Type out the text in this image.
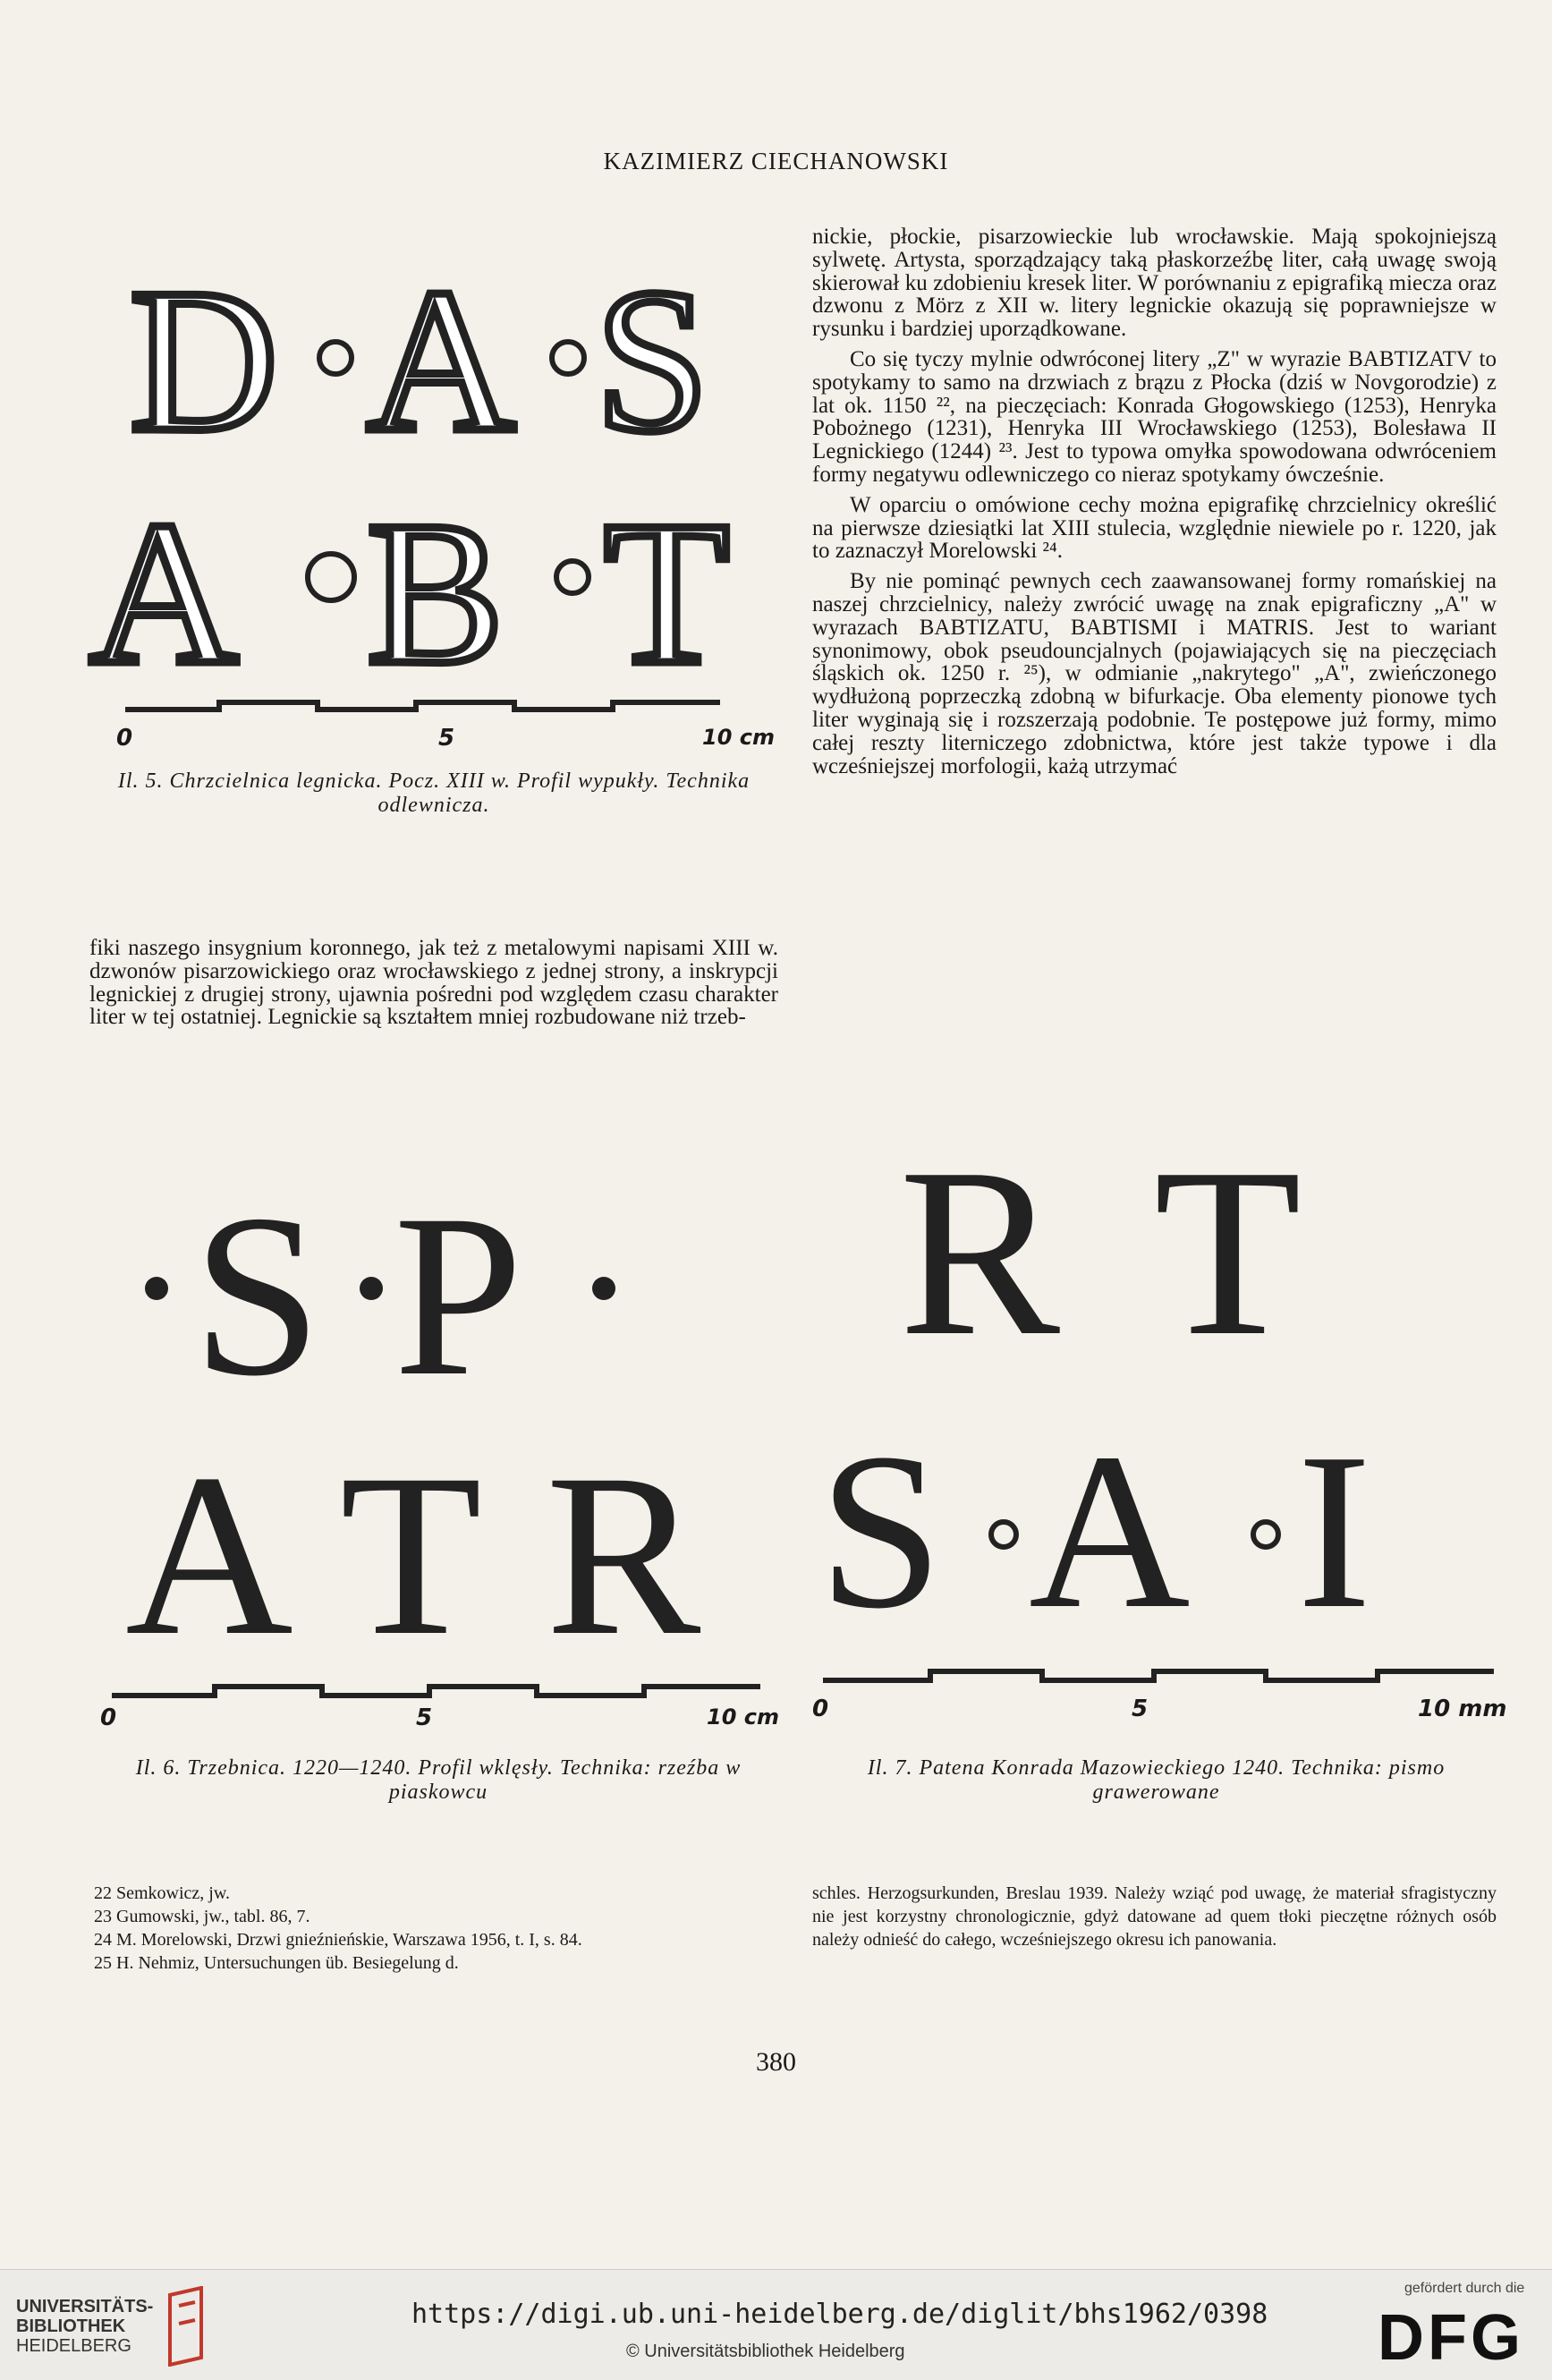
KAZIMIERZ CIECHANOWSKI
D A S
A B T
0	5	10 cm
Il. 5. Chrzcielnica legnicka. Pocz. XIII w. Profil wypukły. Technika odlewnicza.

fiki naszego insygnium koronnego, jak też z metalowymi napisami XIII w. dzwonów pisarzowickiego oraz wrocławskiego z jednej strony, a inskrypcji legnickiej z drugiej strony, ujawnia pośredni pod względem czasu charakter liter w tej ostatniej. Legnickie są kształtem mniej rozbudowane niż trzeb-

nickie, płockie, pisarzowieckie lub wrocławskie. Mają spokojniejszą sylwetę. Artysta, sporządzający taką płaskorzeźbę liter, całą uwagę swoją skierował ku zdobieniu kresek liter. W porównaniu z epigrafiką miecza oraz dzwonu z Mörz z XII w. litery legnickie okazują się poprawniejsze w rysunku i bardziej uporządkowane.

Co się tyczy mylnie odwróconej litery „Z" w wyrazie BABTIZATV to spotykamy to samo na drzwiach z brązu z Płocka (dziś w Novgorodzie) z lat ok. 1150 ²², na pieczęciach: Konrada Głogowskiego (1253), Henryka Pobożnego (1231), Henryka III Wrocławskiego (1253), Bolesława II Legnickiego (1244) ²³. Jest to typowa omyłka spowodowana odwróceniem formy negatywu odlewniczego co nieraz spotykamy ówcześnie.

W oparciu o omówione cechy można epigrafikę chrzcielnicy określić na pierwsze dziesiątki lat XIII stulecia, względnie niewiele po r. 1220, jak to zaznaczył Morelowski ²⁴.

By nie pominąć pewnych cech zaawansowanej formy romańskiej na naszej chrzcielnicy, należy zwrócić uwagę na znak epigraficzny „A" w wyrazach BABTIZATU, BABTISMI i MATRIS. Jest to wariant synonimowy, obok pseudouncjalnych (pojawiających się na pieczęciach śląskich ok. 1250 r. ²⁵), w odmianie „nakrytego" „A", zwieńczonego wydłużoną poprzeczką zdobną w bifurkacje. Oba elementy pionowe tych liter wyginają się i rozszerzają podobnie. Te postępowe już formy, mimo całej reszty literniczego zdobnictwa, które jest także typowe i dla wcześniejszej morfologii, każą utrzymać

S P
A T R
0	5	10 cm
Il. 6. Trzebnica. 1220—1240. Profil wklęsły. Technika: rzeźba w piaskowcu
R T
S A I
0	5	10 mm
Il. 7. Patena Konrada Mazowieckiego 1240. Technika: pismo grawerowane
22 Semkowicz, jw.
23 Gumowski, jw., tabl. 86, 7.
24 M. Morelowski, Drzwi gnieźnieńskie, Warszawa 1956, t. I, s. 84.
25 H. Nehmiz, Untersuchungen üb. Besiegelung d.
schles. Herzogsurkunden, Breslau 1939. Należy wziąć pod uwagę, że materiał sfragistyczny nie jest korzystny chronologicznie, gdyż datowane ad quem tłoki pieczętne różnych osób należy odnieść do całego, wcześniejszego okresu ich panowania.
380
UNIVERSITÄTS-
BIBLIOTHEK
HEIDELBERG
https://digi.ub.uni-heidelberg.de/diglit/bhs1962/0398
© Universitätsbibliothek Heidelberg
gefördert durch die
DFG
